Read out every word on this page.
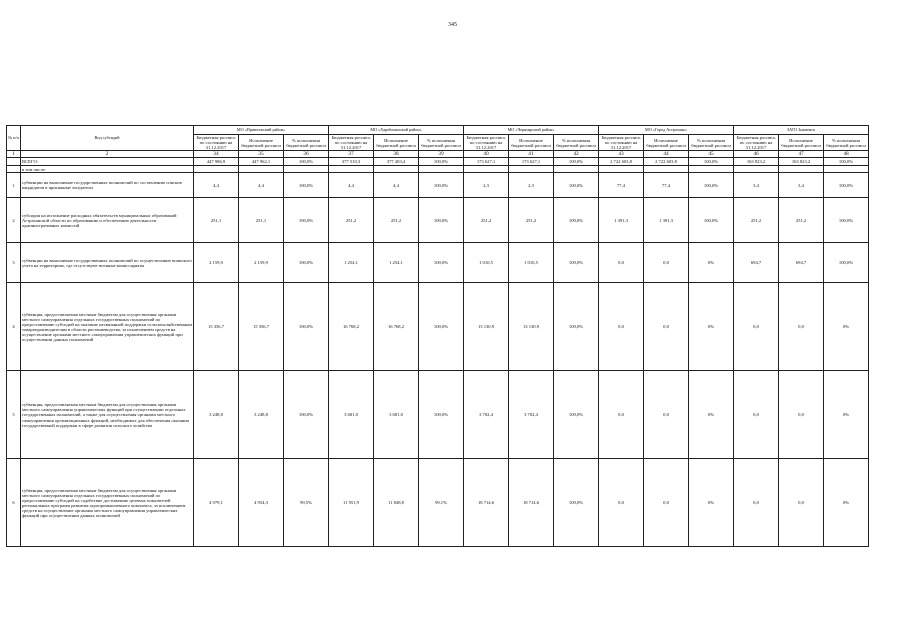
345
№ п/п	Вид субсидий	МО «Приволжский район»			МО «Харабалинский район»			МО «Черноярский район»			МО «Город Астрахань»			ЗАТО Знаменск		
		Бюджетная роспись по состоянию на 31.12.2017	Исполнение бюджетной росписи	% исполнения бюджетной росписи	Бюджетная роспись по состоянию на 31.12.2017	Исполнение бюджетной росписи	% исполнения бюджетной росписи	Бюджетная роспись по состоянию на 31.12.2017	Исполнение бюджетной росписи	% исполнения бюджетной росписи	Бюджетная роспись по состоянию на 31.12.2017	Исполнение бюджетной росписи	% исполнения бюджетной росписи	Бюджетная роспись по состоянию на 31.12.2017	Исполнение бюджетной росписи	% исполнения бюджетной росписи
1	2	34	35	36	37	38	39	40	41	42	43	44	45	46	47	48
	ВСЕГО:	447 986,9	447 962,1	100,0%	377 510,3	377 403,4	100,0%	173 627,1	173 627,1	100,0%	2 722 603,8	2 722 603,8	100,0%	163 823,2	163 823,2	100,0%
	в том числе:															
1	субвенции на выполнение государственных полномочий по составлению списков кандидатов в присяжные заседатели	4,4	4,4	100,0%	4,4	4,4	100,0%	2,3	2,3	100,0%	77,4	77,4	100,0%	3,4	3,4	100,0%
2	субсидия на исполнение расходных обязательств муниципальных образований Астраханской области по образованию и обеспечению деятельности административных комиссий	251,1	251,1	100,0%	251,2	251,2	100,0%	251,2	251,2	100,0%	1 391,3	1 391,3	100,0%	251,2	251,2	100,0%
3	субвенции на выполнение государственных полномочий по осуществлению воинского учета на территориях, где отсутствуют военные комиссариаты	2 159,9	2 159,9	100,0%	1 254,1	1 254,1	100,0%	1 010,5	1 010,5	100,0%	0,0	0,0	0%	694,7	694,7	100,0%
4	субвенция, предоставляемая местным бюджетам для осуществления органами местного самоуправления отдельных государственных полномочий по предоставлению субсидий на оказание несвязанной поддержки сельскохозяйственным товаропроизводителям в области растениеводства, за исключением средств на осуществление органами местного самоуправления управленческих функций при осуществлении данных полномочий	15 356,7	15 356,7	100,0%	16 768,2	16 768,2	100,0%	13 130,9	13 130,9	100,0%	0,0	0,0	0%	0,0	0,0	0%
5	субвенция, предоставляемая местным бюджетам для осуществления органами местного самоуправления управленческих функций при осуществлении отдельных государственных полномочий, а также для осуществления органами местного самоуправления организационных функций, необходимых для обеспечения оказания государственной поддержки в сфере развития сельского хозяйства	3 248,8	3 248,8	100,0%	3 681,0	3 681,0	100,0%	3 702,4	3 702,4	100,0%	0,0	0,0	0%	0,0	0,0	0%
6	субвенция, предоставляемая местным бюджетам для осуществления органами местного самоуправления отдельных государственных полномочий по предоставлению субсидий на содействие достижению целевых показателей региональных программ развития агропромышленного комплекса, за исключением средств на осуществление органами местного самоуправления управленческих функций при осуществлении данных полномочий	4 979,1	4 954,3	99,5%	11 951,9	11 848,8	99,1%	18 714,6	18 714,6	100,0%	0,0	0,0	0%	0,0	0,0	0%
